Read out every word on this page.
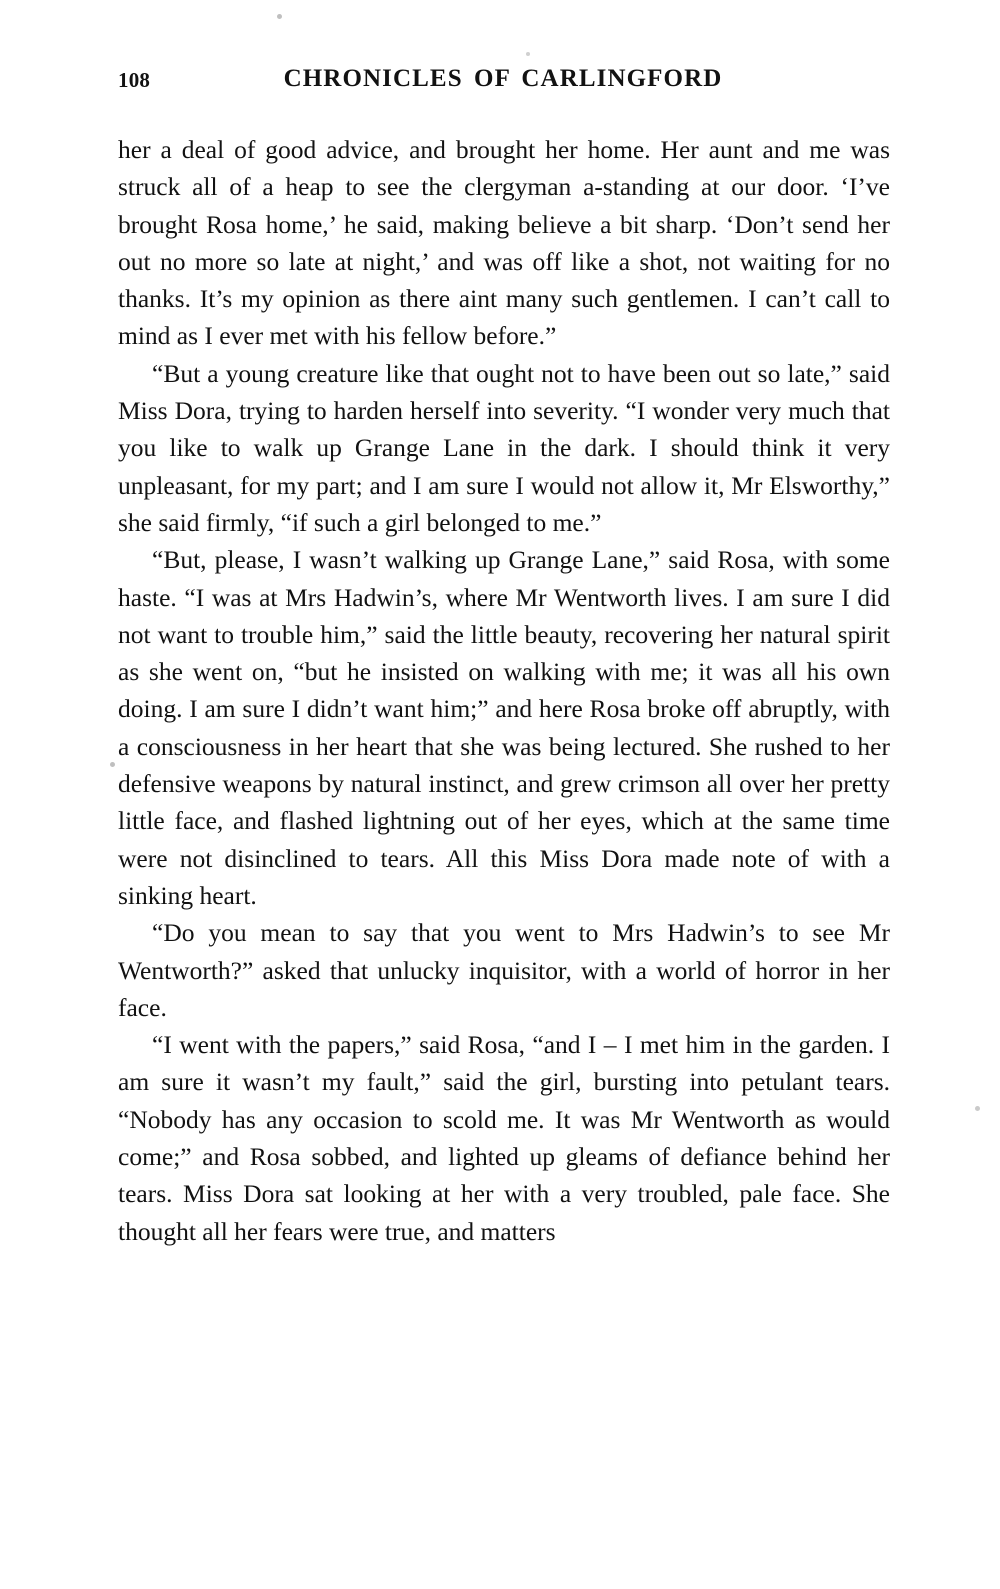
108	CHRONICLES OF CARLINGFORD

her a deal of good advice, and brought her home. Her aunt and me was struck all of a heap to see the clergyman a-standing at our door. ‘I’ve brought Rosa home,’ he said, making believe a bit sharp. ‘Don’t send her out no more so late at night,’ and was off like a shot, not waiting for no thanks. It’s my opinion as there aint many such gentlemen. I can’t call to mind as I ever met with his fellow before.”

“But a young creature like that ought not to have been out so late,” said Miss Dora, trying to harden herself into severity. “I wonder very much that you like to walk up Grange Lane in the dark. I should think it very unpleasant, for my part; and I am sure I would not allow it, Mr Elsworthy,” she said firmly, “if such a girl belonged to me.”

“But, please, I wasn’t walking up Grange Lane,” said Rosa, with some haste. “I was at Mrs Hadwin’s, where Mr Wentworth lives. I am sure I did not want to trouble him,” said the little beauty, recovering her natural spirit as she went on, “but he insisted on walking with me; it was all his own doing. I am sure I didn’t want him;” and here Rosa broke off abruptly, with a consciousness in her heart that she was being lectured. She rushed to her defensive weapons by natural instinct, and grew crimson all over her pretty little face, and flashed lightning out of her eyes, which at the same time were not disinclined to tears. All this Miss Dora made note of with a sinking heart.

“Do you mean to say that you went to Mrs Hadwin’s to see Mr Wentworth?” asked that unlucky inquisitor, with a world of horror in her face.

“I went with the papers,” said Rosa, “and I – I met him in the garden. I am sure it wasn’t my fault,” said the girl, bursting into petulant tears. “Nobody has any occasion to scold me. It was Mr Wentworth as would come;” and Rosa sobbed, and lighted up gleams of defiance behind her tears. Miss Dora sat looking at her with a very troubled, pale face. She thought all her fears were true, and matters
